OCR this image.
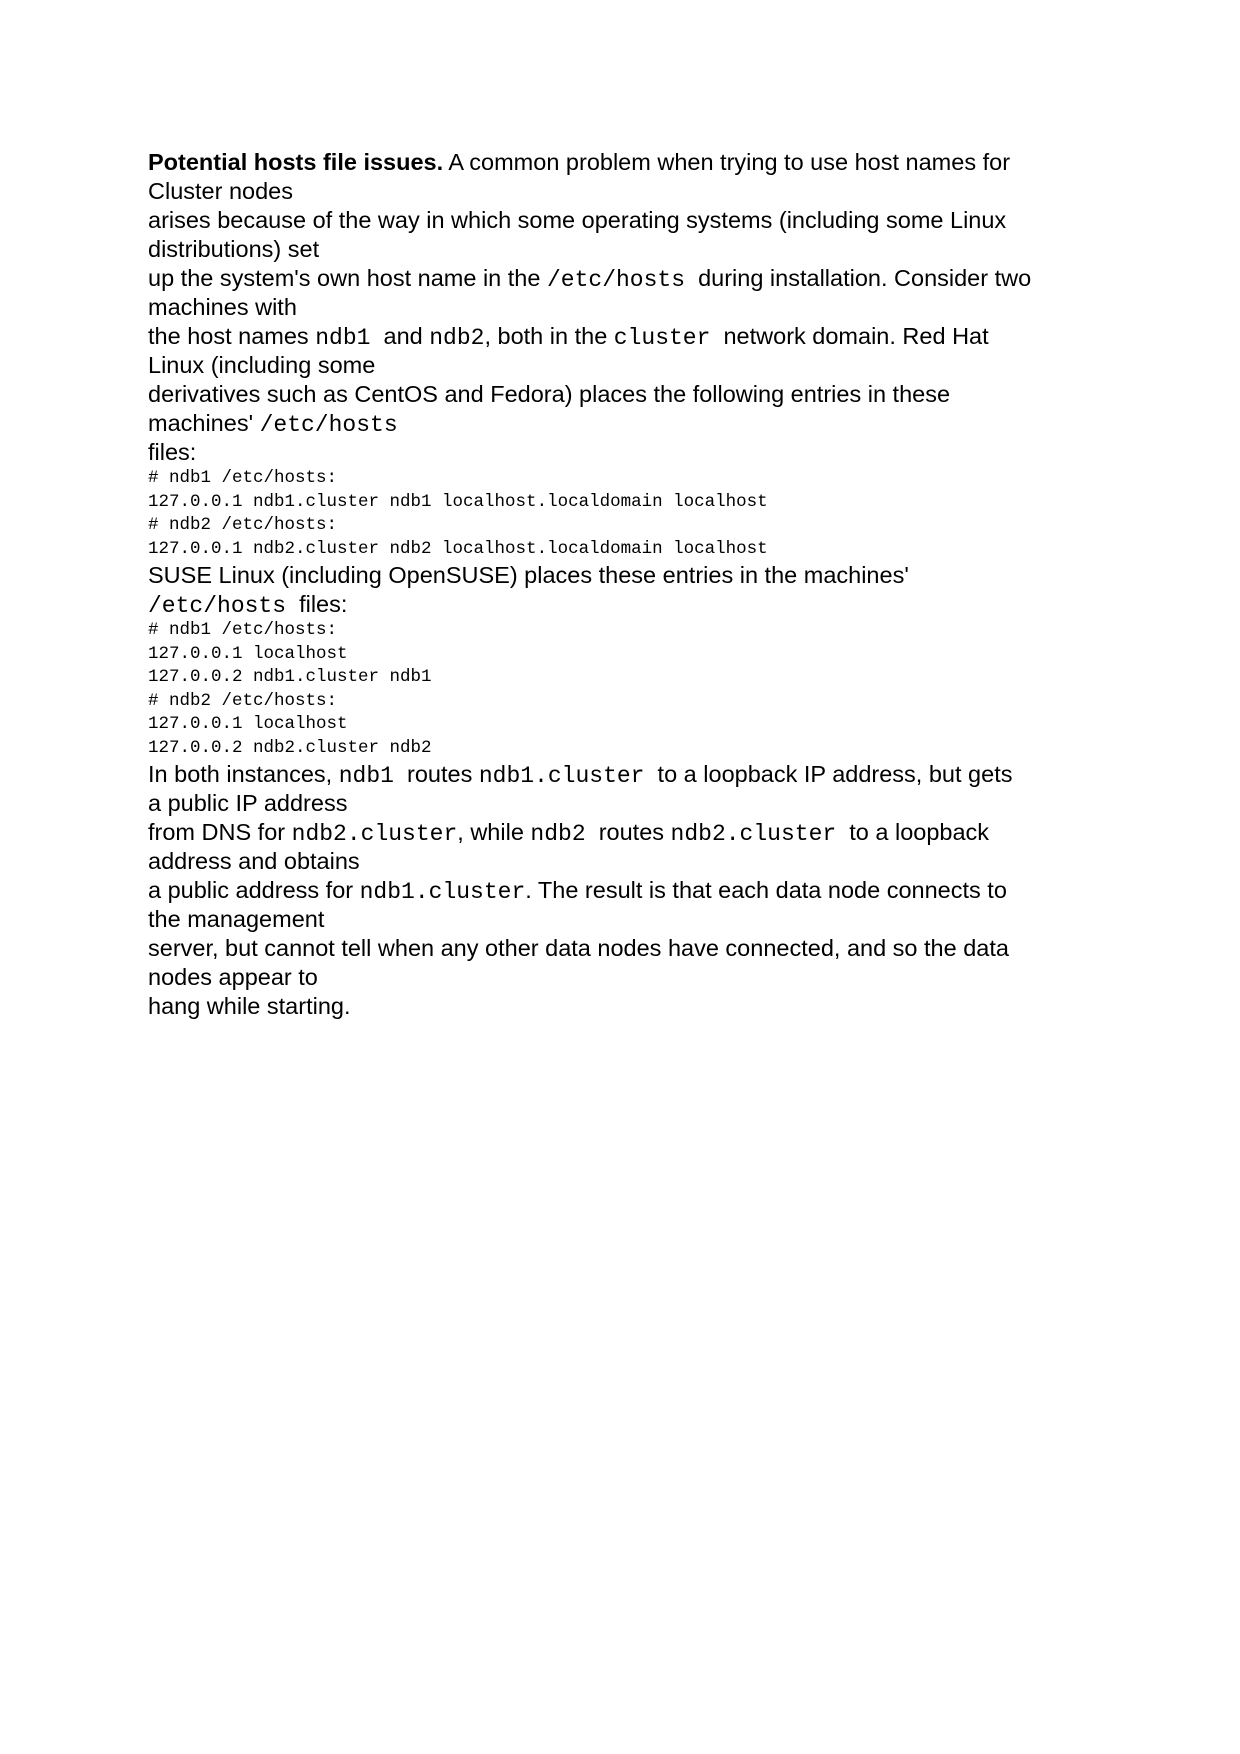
Potential hosts file issues. A common problem when trying to use host names for
Cluster nodes
arises because of the way in which some operating systems (including some Linux
distributions) set
up the system's own host name in the /etc/hosts  during installation. Consider two
machines with
the host names ndb1  and ndb2, both in the cluster  network domain. Red Hat
Linux (including some
derivatives such as CentOS and Fedora) places the following entries in these
machines' /etc/hosts
files:
# ndb1 /etc/hosts:
127.0.0.1 ndb1.cluster ndb1 localhost.localdomain localhost
# ndb2 /etc/hosts:
127.0.0.1 ndb2.cluster ndb2 localhost.localdomain localhost
SUSE Linux (including OpenSUSE) places these entries in the machines'
/etc/hosts  files:
# ndb1 /etc/hosts:
127.0.0.1 localhost
127.0.0.2 ndb1.cluster ndb1
# ndb2 /etc/hosts:
127.0.0.1 localhost
127.0.0.2 ndb2.cluster ndb2
In both instances, ndb1  routes ndb1.cluster  to a loopback IP address, but gets
a public IP address
from DNS for ndb2.cluster, while ndb2  routes ndb2.cluster  to a loopback
address and obtains
a public address for ndb1.cluster. The result is that each data node connects to
the management
server, but cannot tell when any other data nodes have connected, and so the data
nodes appear to
hang while starting.
